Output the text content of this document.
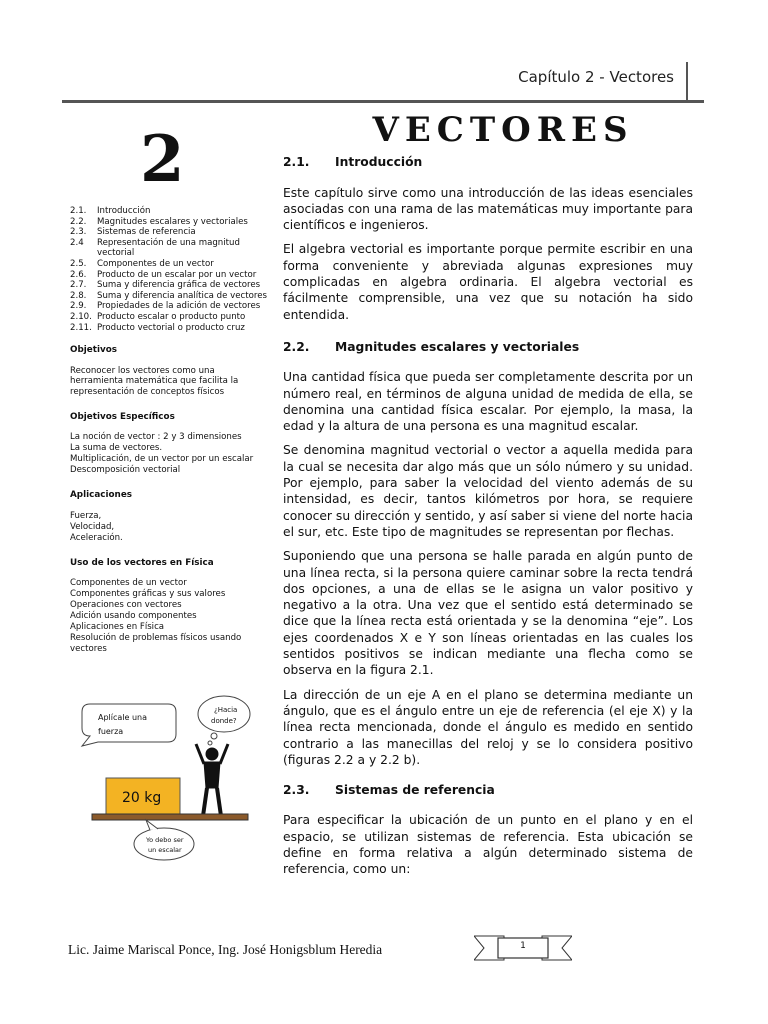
Capítulo 2 - Vectores
2
2.1.	Introducción
2.2.	Magnitudes escalares y vectoriales
2.3.	Sistemas de referencia
2.4	Representación de una magnitud vectorial
2.5.	Componentes de un vector
2.6.	Producto de un escalar por un vector
2.7.	Suma y diferencia gráfica de vectores
2.8.	Suma y diferencia analítica de vectores
2.9.	Propiedades de la adición de vectores
2.10. Producto escalar o producto punto
2.11. Producto vectorial o producto cruz
Objetivos
Reconocer los vectores como una herramienta matemática que facilita la representación de conceptos físicos
Objetivos Específicos
La noción de vector : 2 y 3 dimensiones
La suma de vectores.
Multiplicación, de un vector por un escalar
Descomposición vectorial
Aplicaciones
Fuerza,
Velocidad,
Aceleración.
Uso de los vectores en Física
Componentes de un vector
Componentes gráficas y sus valores
Operaciones con vectores
Adición usando componentes
Aplicaciones en Física
Resolución de problemas físicos usando vectores
Aplícale una
fuerza
¿Hacia
donde?
20 kg
Yo debo ser
un escalar
VECTORES
2.1.	Introducción

Este capítulo sirve como una introducción de las ideas esenciales asociadas con una rama de las matemáticas muy importante para científicos e ingenieros.

El algebra vectorial es importante porque permite escribir en una forma conveniente y abreviada algunas expresiones muy complicadas en algebra ordinaria. El algebra vectorial es fácilmente comprensible, una vez que su notación ha sido entendida.

2.2.	Magnitudes escalares y vectoriales

Una cantidad física que pueda ser completamente descrita por un número real, en términos de alguna unidad de medida de ella, se denomina una cantidad física escalar. Por ejemplo, la masa, la edad y la altura de una persona es una magnitud escalar.

Se denomina magnitud vectorial o vector a aquella medida para la cual se necesita dar algo más que un sólo número y su unidad. Por ejemplo, para saber la velocidad del viento además de su intensidad, es decir, tantos kilómetros por hora, se requiere conocer su dirección y sentido, y así saber si viene del norte hacia el sur, etc. Este tipo de magnitudes se representan por flechas.

Suponiendo que una persona se halle parada en algún punto de una línea recta, si la persona quiere caminar sobre la recta tendrá dos opciones, a una de ellas se le asigna un valor positivo y negativo a la otra. Una vez que el sentido está determinado se dice que la línea recta está orientada y se la denomina “eje”. Los ejes coordenados X e Y son líneas orientadas en las cuales los sentidos positivos se indican mediante una flecha como se observa en la figura 2.1.

La dirección de un eje A en el plano se determina mediante un ángulo, que es el ángulo entre un eje de referencia (el eje X) y la línea recta mencionada, donde el ángulo es medido en sentido contrario a las manecillas del reloj y se lo considera positivo (figuras 2.2 a y 2.2 b).

2.3.	Sistemas de referencia

Para especificar la ubicación de un punto en el plano y en el espacio, se utilizan sistemas de referencia. Esta ubicación se define en forma relativa a algún determinado sistema de referencia, como un:

Lic. Jaime Mariscal Ponce, Ing. José Honigsblum Heredia	1
